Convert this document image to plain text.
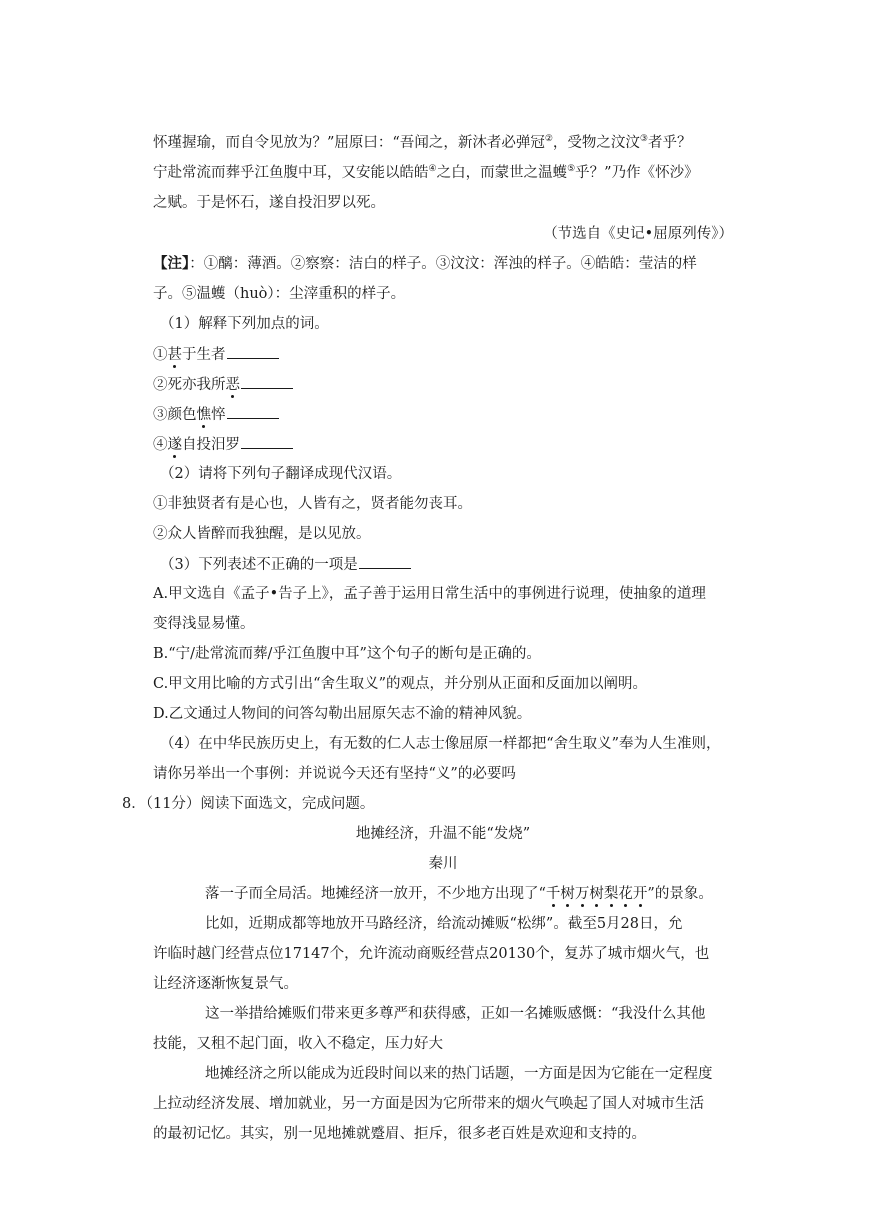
怀瑾握瑜，而自令见放为？”屈原曰：“吾闻之，新沐者必弹冠②，受物之汶汶③者乎？
宁赴常流而葬乎江鱼腹中耳，又安能以皓皓④之白，而蒙世之温蠖⑤乎？”乃作《怀沙》
之赋。于是怀石，遂自投汨罗以死。
（节选自《史记•屈原列传》）
【注】：①醨：薄酒。②察察：洁白的样子。③汶汶：浑浊的样子。④皓皓：莹洁的样
子。⑤温蠖（huò）：尘滓重积的样子。
（1）解释下列加点的词。
①甚于生者
②死亦我所恶
③颜色憔悴
④遂自投汨罗
（2）请将下列句子翻译成现代汉语。
①非独贤者有是心也，人皆有之，贤者能勿丧耳。
②众人皆醉而我独醒，是以见放。
（3）下列表述不正确的一项是
A.甲文选自《孟子•告子上》，孟子善于运用日常生活中的事例进行说理，使抽象的道理
变得浅显易懂。
B.“宁/赴常流而葬/乎江鱼腹中耳”这个句子的断句是正确的。
C.甲文用比喻的方式引出“舍生取义”的观点，并分别从正面和反面加以阐明。
D.乙文通过人物间的问答勾勒出屈原矢志不渝的精神风貌。
（4）在中华民族历史上，有无数的仁人志士像屈原一样都把“舍生取义”奉为人生准则，
请你另举出一个事例：并说说今天还有坚持“义”的必要吗
8．（11分）阅读下面选文，完成问题。
地摊经济，升温不能“发烧”
秦川
落一子而全局活。地摊经济一放开，不少地方出现了“千树万树梨花开”的景象。
比如，近期成都等地放开马路经济，给流动摊贩“松绑”。截至5月28日，允
许临时越门经营点位17147个，允许流动商贩经营点20130个，复苏了城市烟火气，也
让经济逐渐恢复景气。
这一举措给摊贩们带来更多尊严和获得感，正如一名摊贩感慨：“我没什么其他
技能，又租不起门面，收入不稳定，压力好大
地摊经济之所以能成为近段时间以来的热门话题，一方面是因为它能在一定程度
上拉动经济发展、增加就业，另一方面是因为它所带来的烟火气唤起了国人对城市生活
的最初记忆。其实，别一见地摊就蹙眉、拒斥，很多老百姓是欢迎和支持的。
